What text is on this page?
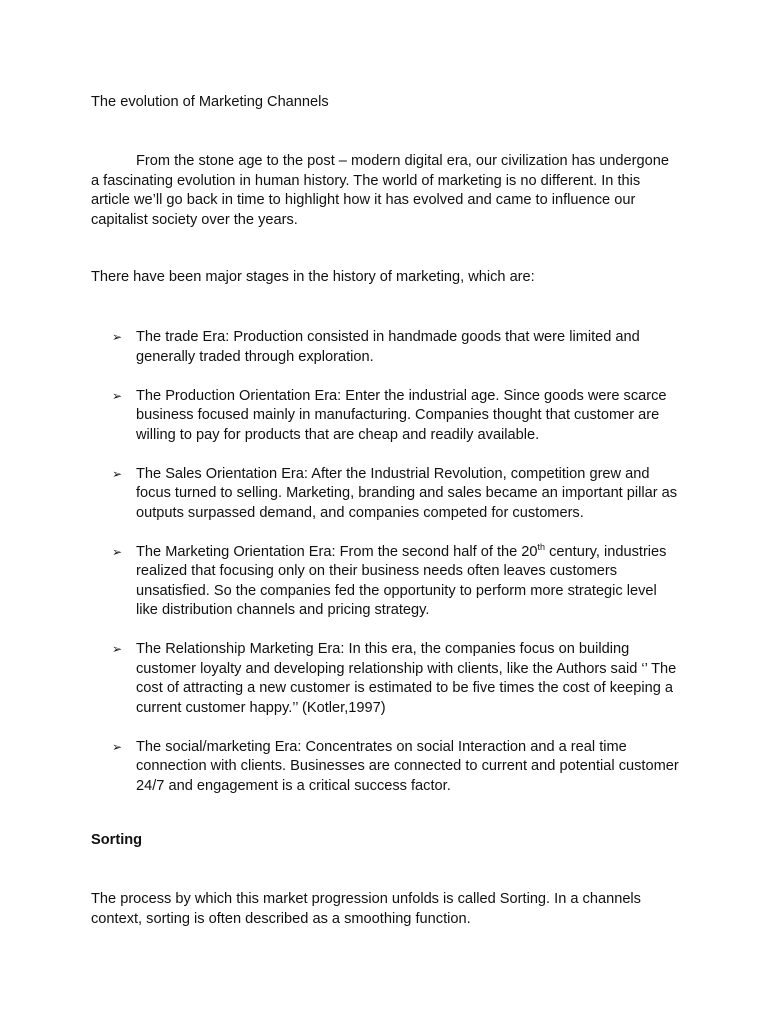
The evolution of Marketing Channels

From the stone age to the post – modern digital era, our civilization has undergone a fascinating evolution in human history. The world of marketing is no different. In this article we’ll go back in time to highlight how it has evolved and came to influence our capitalist society over the years.

There have been major stages in the history of marketing, which are:

➢ The trade Era: Production consisted in handmade goods that were limited and generally traded through exploration.
➢ The Production Orientation Era: Enter the industrial age. Since goods were scarce business focused mainly in manufacturing. Companies thought that customer are willing to pay for products that are cheap and readily available.
➢ The Sales Orientation Era: After the Industrial Revolution, competition grew and focus turned to selling. Marketing, branding and sales became an important pillar as outputs surpassed demand, and companies competed for customers.
➢ The Marketing Orientation Era: From the second half of the 20th century, industries realized that focusing only on their business needs often leaves customers unsatisfied. So the companies fed the opportunity to perform more strategic level like distribution channels and pricing strategy.
➢ The Relationship Marketing Era: In this era, the companies focus on building customer loyalty and developing relationship with clients, like the Authors said ‘’ The cost of attracting a new customer is estimated to be five times the cost of keeping a current customer happy.’’ (Kotler,1997)
➢ The social/marketing Era: Concentrates on social Interaction and a real time connection with clients. Businesses are connected to current and potential customer 24/7 and engagement is a critical success factor.
Sorting

The process by which this market progression unfolds is called Sorting. In a channels context, sorting is often described as a smoothing function.
